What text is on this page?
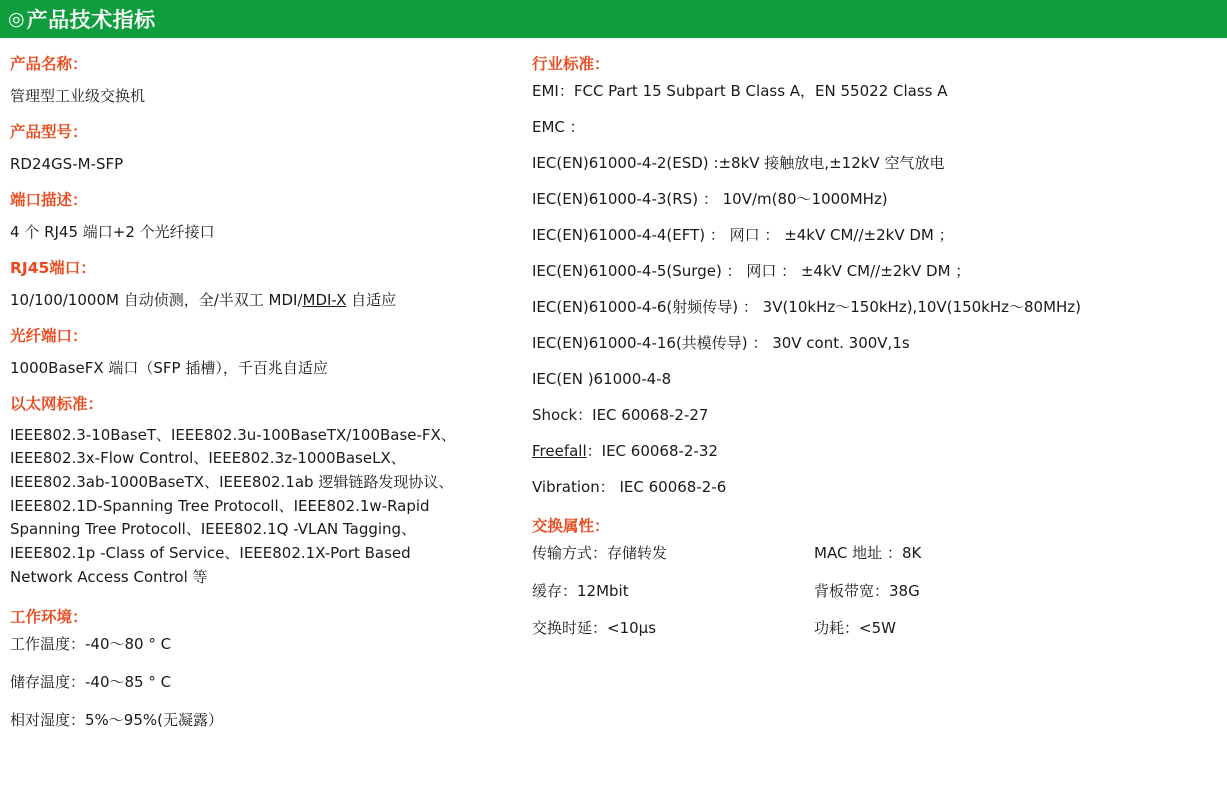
◎ 产品技术指标
产品名称：
管理型工业级交换机
产品型号：
RD24GS-M-SFP
端口描述：
4 个 RJ45 端口+2 个光纤接口
RJ45端口：
10/100/1000M 自动侦测，全/半双工 MDI/MDI-X 自适应
光纤端口：
1000BaseFX 端口（SFP 插槽），千百兆自适应
以太网标准：
IEEE802.3-10BaseT、IEEE802.3u-100BaseTX/100Base-FX、
IEEE802.3x-Flow Control、IEEE802.3z-1000BaseLX、
IEEE802.3ab-1000BaseTX、IEEE802.1ab 逻辑链路发现协议、
IEEE802.1D-Spanning Tree Protocoll、IEEE802.1w-Rapid
Spanning Tree Protocoll、IEEE802.1Q -VLAN Tagging、
IEEE802.1p -Class of Service、IEEE802.1X-Port Based
Network Access Control 等
工作环境：
工作温度：-40～80 ° C
储存温度：-40～85 ° C
相对湿度：5%～95%(无凝露）
行业标准：
EMI：FCC Part 15 Subpart B Class A，EN 55022 Class A
EMC ：
IEC(EN)61000-4-2(ESD) :±8kV 接触放电,±12kV 空气放电
IEC(EN)61000-4-3(RS) ： 10V/m(80～1000MHz)
IEC(EN)61000-4-4(EFT) ： 网口 ： ±4kV CM//±2kV DM ；
IEC(EN)61000-4-5(Surge) ： 网口 ： ±4kV CM//±2kV DM ；
IEC(EN)61000-4-6(射频传导) ： 3V(10kHz～150kHz),10V(150kHz～80MHz)
IEC(EN)61000-4-16(共模传导) ： 30V cont. 300V,1s
IEC(EN )61000-4-8
Shock：IEC 60068-2-27
Freefall：IEC 60068-2-32
Vibration： IEC 60068-2-6
交换属性：
传输方式：存储转发	MAC 地址 ：8K
缓存：12Mbit	背板带宽：38G
交换时延：<10μs	功耗：<5W
